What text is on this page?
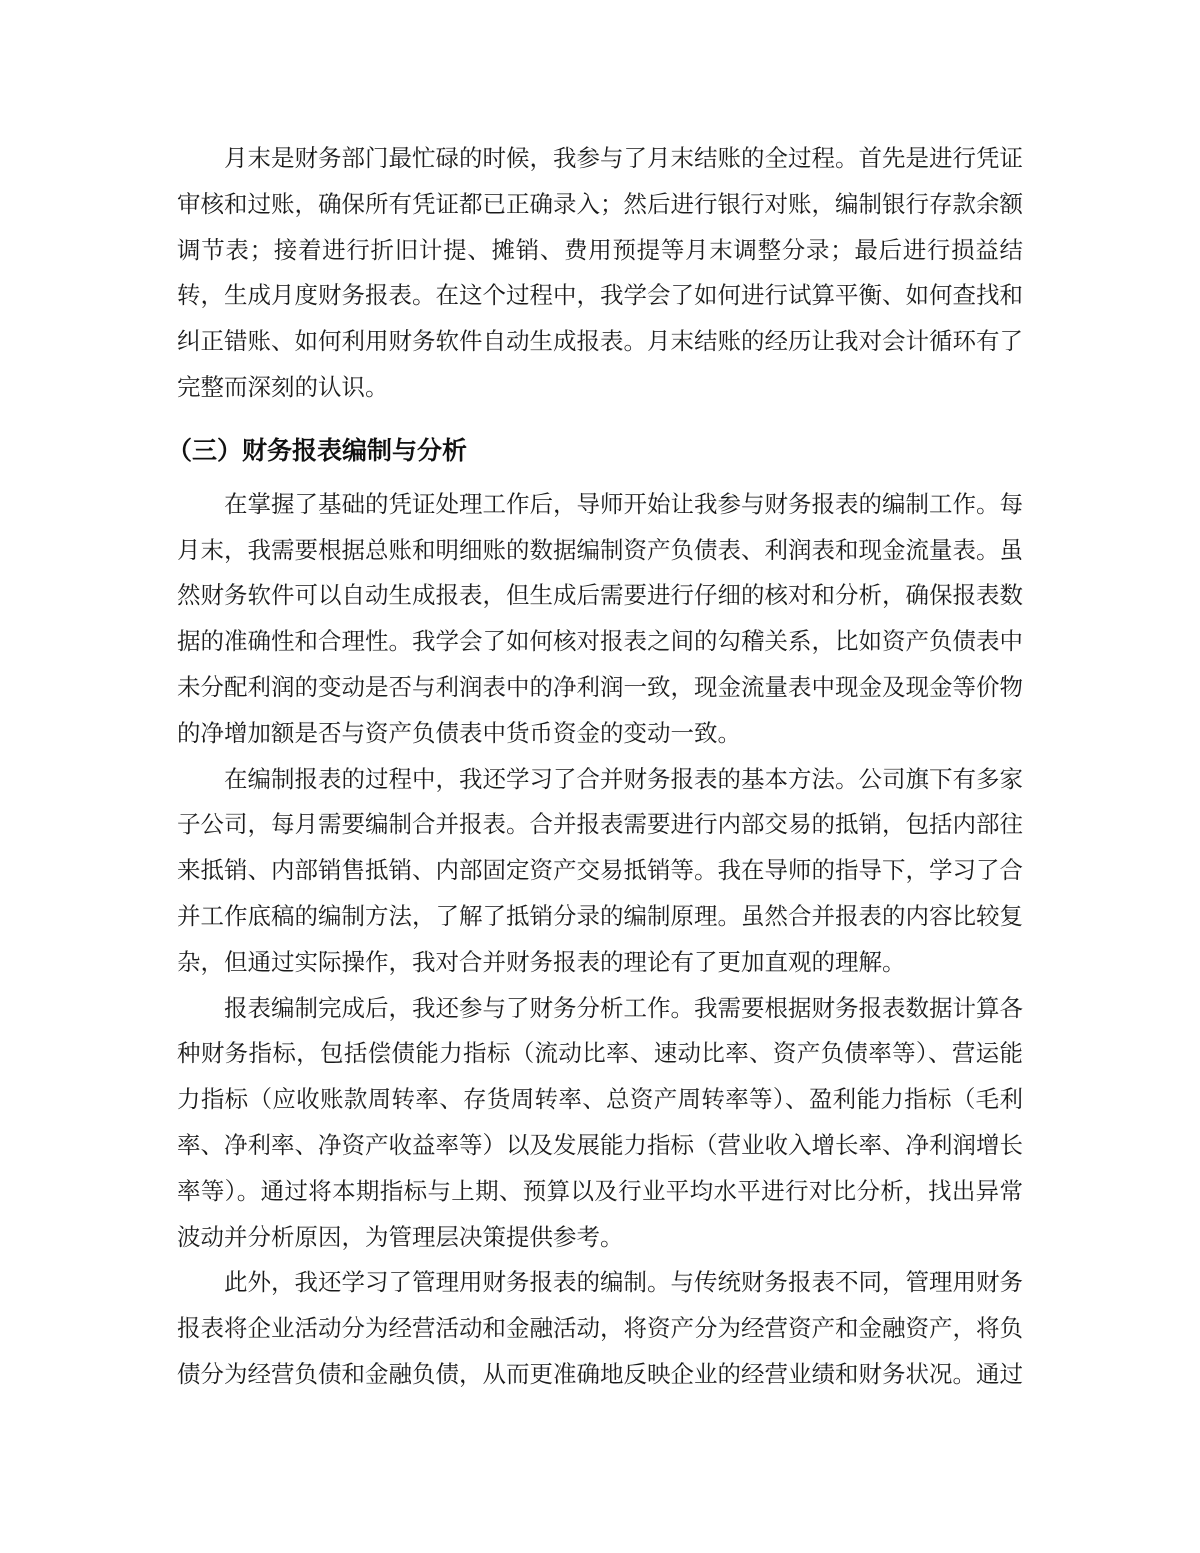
月末是财务部门最忙碌的时候，我参与了月末结账的全过程。首先是进行凭证审核和过账，确保所有凭证都已正确录入；然后进行银行对账，编制银行存款余额调节表；接着进行折旧计提、摊销、费用预提等月末调整分录；最后进行损益结转，生成月度财务报表。在这个过程中，我学会了如何进行试算平衡、如何查找和纠正错账、如何利用财务软件自动生成报表。月末结账的经历让我对会计循环有了完整而深刻的认识。

（三）财务报表编制与分析

在掌握了基础的凭证处理工作后，导师开始让我参与财务报表的编制工作。每月末，我需要根据总账和明细账的数据编制资产负债表、利润表和现金流量表。虽然财务软件可以自动生成报表，但生成后需要进行仔细的核对和分析，确保报表数据的准确性和合理性。我学会了如何核对报表之间的勾稽关系，比如资产负债表中未分配利润的变动是否与利润表中的净利润一致，现金流量表中现金及现金等价物的净增加额是否与资产负债表中货币资金的变动一致。

在编制报表的过程中，我还学习了合并财务报表的基本方法。公司旗下有多家子公司，每月需要编制合并报表。合并报表需要进行内部交易的抵销，包括内部往来抵销、内部销售抵销、内部固定资产交易抵销等。我在导师的指导下，学习了合并工作底稿的编制方法，了解了抵销分录的编制原理。虽然合并报表的内容比较复杂，但通过实际操作，我对合并财务报表的理论有了更加直观的理解。

报表编制完成后，我还参与了财务分析工作。我需要根据财务报表数据计算各种财务指标，包括偿债能力指标（流动比率、速动比率、资产负债率等）、营运能力指标（应收账款周转率、存货周转率、总资产周转率等）、盈利能力指标（毛利率、净利率、净资产收益率等）以及发展能力指标（营业收入增长率、净利润增长率等）。通过将本期指标与上期、预算以及行业平均水平进行对比分析，找出异常波动并分析原因，为管理层决策提供参考。

此外，我还学习了管理用财务报表的编制。与传统财务报表不同，管理用财务报表将企业活动分为经营活动和金融活动，将资产分为经营资产和金融资产，将负债分为经营负债和金融负债，从而更准确地反映企业的经营业绩和财务状况。通过
